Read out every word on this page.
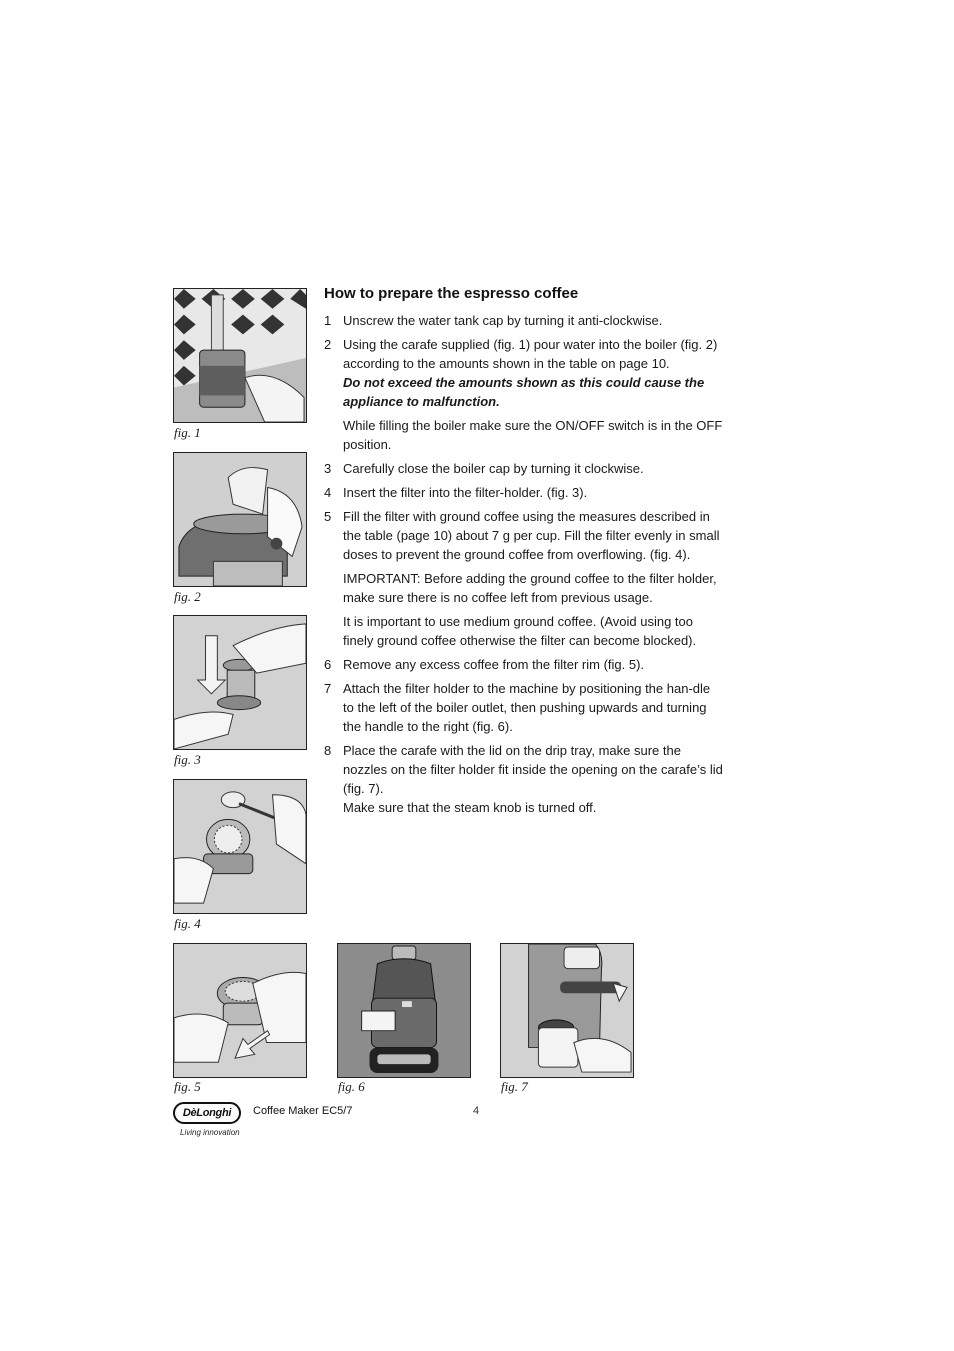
fig. 1
fig. 2
fig. 3
fig. 4
fig. 5	fig. 6	fig. 7
How to prepare the espresso coffee
1 Unscrew the water tank cap by turning it anti-clockwise.
2 Using the carafe supplied (fig. 1) pour water into the boiler (fig. 2) according to the amounts shown in the table on page 10.
Do not exceed the amounts shown as this could cause the appliance to malfunction.
While filling the boiler make sure the ON/OFF switch is in the OFF position.
3 Carefully close the boiler cap by turning it clockwise.
4 Insert the filter into the filter-holder. (fig. 3).
5 Fill the filter with ground coffee using the measures described in the table (page 10) about 7 g per cup. Fill the filter evenly in small doses to prevent the ground coffee from overflowing. (fig. 4).
IMPORTANT: Before adding the ground coffee to the filter holder, make sure there is no coffee left from previous usage.
It is important to use medium ground coffee. (Avoid using too finely ground coffee otherwise the filter can become blocked).
6 Remove any excess coffee from the filter rim (fig. 5).
7 Attach the filter holder to the machine by positioning the han-dle to the left of the boiler outlet, then pushing upwards and turning the handle to the right (fig. 6).
8 Place the carafe with the lid on the drip tray, make sure the nozzles on the filter holder fit inside the opening on the carafe’s lid (fig. 7).
Make sure that the steam knob is turned off.
DèLonghi
Living innovation
Coffee Maker EC5/7	4
